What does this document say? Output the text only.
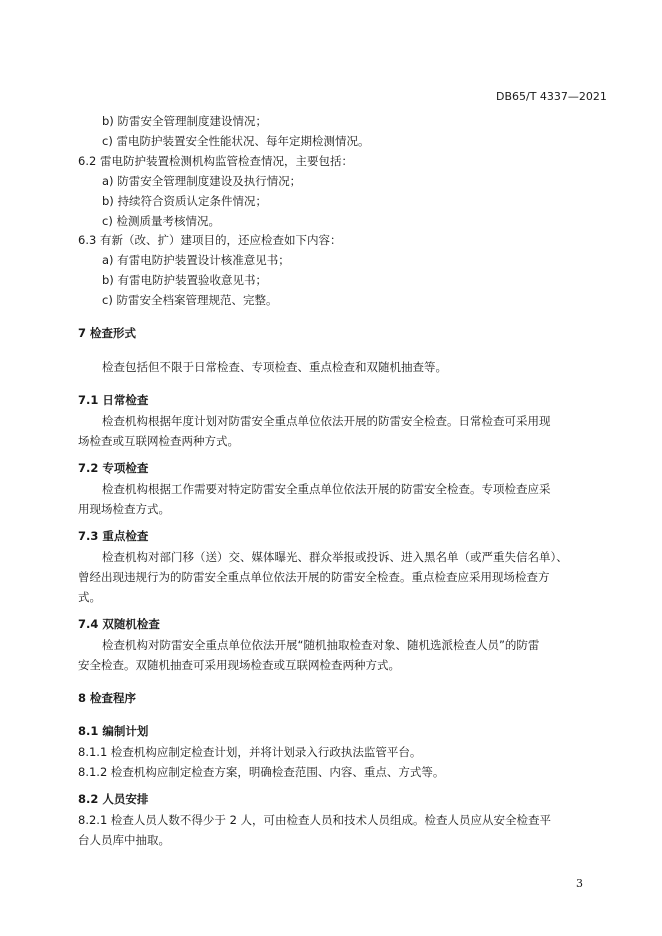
DB65/T 4337—2021
b) 防雷安全管理制度建设情况；
c) 雷电防护装置安全性能状况、每年定期检测情况。
6.2 雷电防护装置检测机构监管检查情况，主要包括：
a) 防雷安全管理制度建设及执行情况；
b) 持续符合资质认定条件情况；
c) 检测质量考核情况。
6.3 有新（改、扩）建项目的，还应检查如下内容：
a) 有雷电防护装置设计核准意见书；
b) 有雷电防护装置验收意见书；
c) 防雷安全档案管理规范、完整。
7 检查形式
检查包括但不限于日常检查、专项检查、重点检查和双随机抽查等。
7.1 日常检查
检查机构根据年度计划对防雷安全重点单位依法开展的防雷安全检查。日常检查可采用现
场检查或互联网检查两种方式。
7.2 专项检查
检查机构根据工作需要对特定防雷安全重点单位依法开展的防雷安全检查。专项检查应采
用现场检查方式。
7.3 重点检查
检查机构对部门移（送）交、媒体曝光、群众举报或投诉、进入黑名单（或严重失信名单）、
曾经出现违规行为的防雷安全重点单位依法开展的防雷安全检查。重点检查应采用现场检查方
式。
7.4 双随机检查
检查机构对防雷安全重点单位依法开展“随机抽取检查对象、随机选派检查人员”的防雷
安全检查。双随机抽查可采用现场检查或互联网检查两种方式。
8 检查程序
8.1 编制计划
8.1.1 检查机构应制定检查计划，并将计划录入行政执法监管平台。
8.1.2 检查机构应制定检查方案，明确检查范围、内容、重点、方式等。
8.2 人员安排
8.2.1 检查人员人数不得少于 2 人，可由检查人员和技术人员组成。检查人员应从安全检查平
台人员库中抽取。
3
